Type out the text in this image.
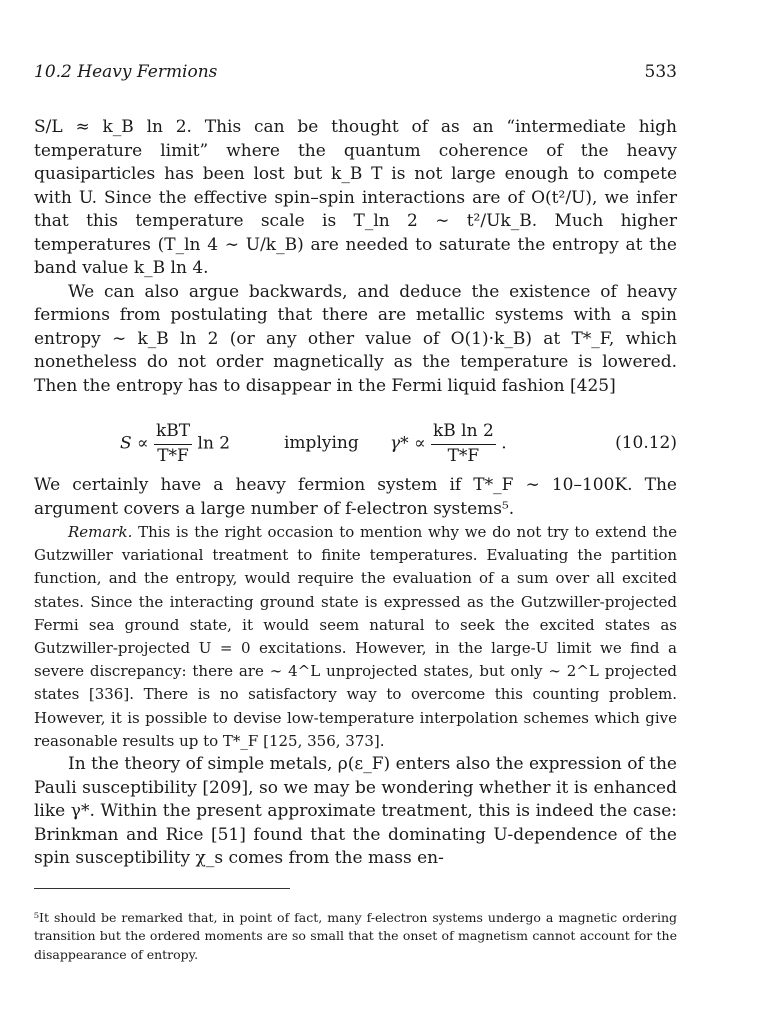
10.2 Heavy Fermions	533

S/L ≈ k_B ln 2. This can be thought of as an “intermediate high temperature limit” where the quantum coherence of the heavy quasiparticles has been lost but k_B T is not large enough to compete with U. Since the effective spin–spin interactions are of O(t²/U), we infer that this temperature scale is T_ln 2 ∼ t²/Uk_B. Much higher temperatures (T_ln 4 ∼ U/k_B) are needed to saturate the entropy at the band value k_B ln 4.

We can also argue backwards, and deduce the existence of heavy fermions from postulating that there are metallic systems with a spin entropy ∼ k_B ln 2 (or any other value of O(1)·k_B) at T*_F, which nonetheless do not order magnetically as the temperature is lowered. Then the entropy has to disappear in the Fermi liquid fashion [425]

$S \propto \frac{\text{kBT}}{T*F}$ ln 2	implying $\gamma* \propto \frac{\text{kB ln 2}}{T*F}$ .	(10.12)

We certainly have a heavy fermion system if T*_F ∼ 10–100K. The argument covers a large number of f-electron systems⁵.

Remark. This is the right occasion to mention why we do not try to extend the Gutzwiller variational treatment to finite temperatures. Evaluating the partition function, and the entropy, would require the evaluation of a sum over all excited states. Since the interacting ground state is expressed as the Gutzwiller-projected Fermi sea ground state, it would seem natural to seek the excited states as Gutzwiller-projected U = 0 excitations. However, in the large-U limit we find a severe discrepancy: there are ∼ 4^L unprojected states, but only ∼ 2^L projected states [336]. There is no satisfactory way to overcome this counting problem. However, it is possible to devise low-temperature interpolation schemes which give reasonable results up to T*_F [125, 356, 373].

In the theory of simple metals, ρ(ε_F) enters also the expression of the Pauli susceptibility [209], so we may be wondering whether it is enhanced like γ*. Within the present approximate treatment, this is indeed the case: Brinkman and Rice [51] found that the dominating U-dependence of the spin susceptibility χ_s comes from the mass en-

⁵It should be remarked that, in point of fact, many f-electron systems undergo a magnetic ordering transition but the ordered moments are so small that the onset of magnetism cannot account for the disappearance of entropy.
